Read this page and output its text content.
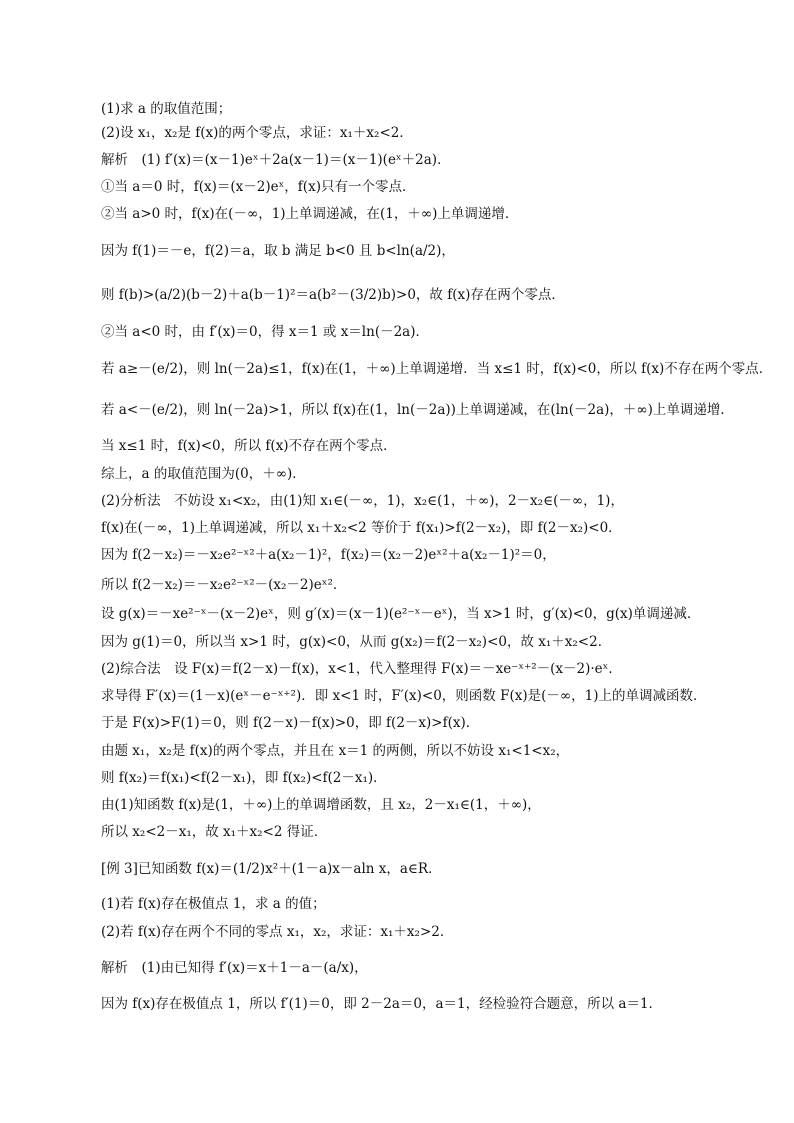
(1)求 a 的取值范围；
(2)设 x₁，x₂是 f(x)的两个零点，求证：x₁＋x₂<2．
解析　(1) f′(x)＝(x－1)eˣ＋2a(x－1)＝(x－1)(eˣ＋2a)．
①当 a＝0 时，f(x)＝(x－2)eˣ，f(x)只有一个零点．
②当 a>0 时，f(x)在(－∞，1)上单调递减，在(1，＋∞)上单调递增．
因为 f(1)＝－e，f(2)＝a，取 b 满足 b<0 且 b<ln(a/2)，
则 f(b)>(a/2)(b－2)＋a(b－1)²＝a(b²－(3/2)b)>0，故 f(x)存在两个零点．
②当 a<0 时，由 f′(x)＝0，得 x＝1 或 x＝ln(－2a)．
若 a≥－(e/2)，则 ln(－2a)≤1，f(x)在(1，＋∞)上单调递增．当 x≤1 时，f(x)<0，所以 f(x)不存在两个零点．
若 a<－(e/2)，则 ln(－2a)>1，所以 f(x)在(1，ln(－2a))上单调递减，在(ln(－2a)，＋∞)上单调递增．
当 x≤1 时，f(x)<0，所以 f(x)不存在两个零点．
综上，a 的取值范围为(0，＋∞)．
(2)分析法　不妨设 x₁<x₂，由(1)知 x₁∈(－∞，1)，x₂∈(1，＋∞)，2－x₂∈(－∞，1)，
f(x)在(－∞，1)上单调递减，所以 x₁＋x₂<2 等价于 f(x₁)>f(2－x₂)，即 f(2－x₂)<0．
因为 f(2－x₂)＝－x₂e²⁻ˣ²＋a(x₂－1)²，f(x₂)＝(x₂－2)eˣ²＋a(x₂－1)²＝0，
所以 f(2－x₂)＝－x₂e²⁻ˣ²－(x₂－2)eˣ²．
设 g(x)＝－xe²⁻ˣ－(x－2)eˣ，则 g′(x)＝(x－1)(e²⁻ˣ－eˣ)，当 x>1 时，g′(x)<0，g(x)单调递减．
因为 g(1)＝0，所以当 x>1 时，g(x)<0，从而 g(x₂)＝f(2－x₂)<0，故 x₁＋x₂<2．
(2)综合法　设 F(x)＝f(2－x)－f(x)，x<1，代入整理得 F(x)＝－xe⁻ˣ⁺²－(x－2)·eˣ．
求导得 F′(x)＝(1－x)(eˣ－e⁻ˣ⁺²)．即 x<1 时，F′(x)<0，则函数 F(x)是(－∞，1)上的单调减函数．
于是 F(x)>F(1)＝0，则 f(2－x)－f(x)>0，即 f(2－x)>f(x)．
由题 x₁，x₂是 f(x)的两个零点，并且在 x＝1 的两侧，所以不妨设 x₁<1<x₂，
则 f(x₂)＝f(x₁)<f(2－x₁)，即 f(x₂)<f(2－x₁)．
由(1)知函数 f(x)是(1，＋∞)上的单调增函数，且 x₂，2－x₁∈(1，＋∞)，
所以 x₂<2－x₁，故 x₁＋x₂<2 得证．
[例 3]已知函数 f(x)＝(1/2)x²＋(1－a)x－aln x，a∈R．
(1)若 f(x)存在极值点 1，求 a 的值；
(2)若 f(x)存在两个不同的零点 x₁，x₂，求证：x₁＋x₂>2．
解析　(1)由已知得 f′(x)＝x＋1－a－(a/x)，
因为 f(x)存在极值点 1，所以 f′(1)＝0，即 2－2a＝0，a＝1，经检验符合题意，所以 a＝1．
